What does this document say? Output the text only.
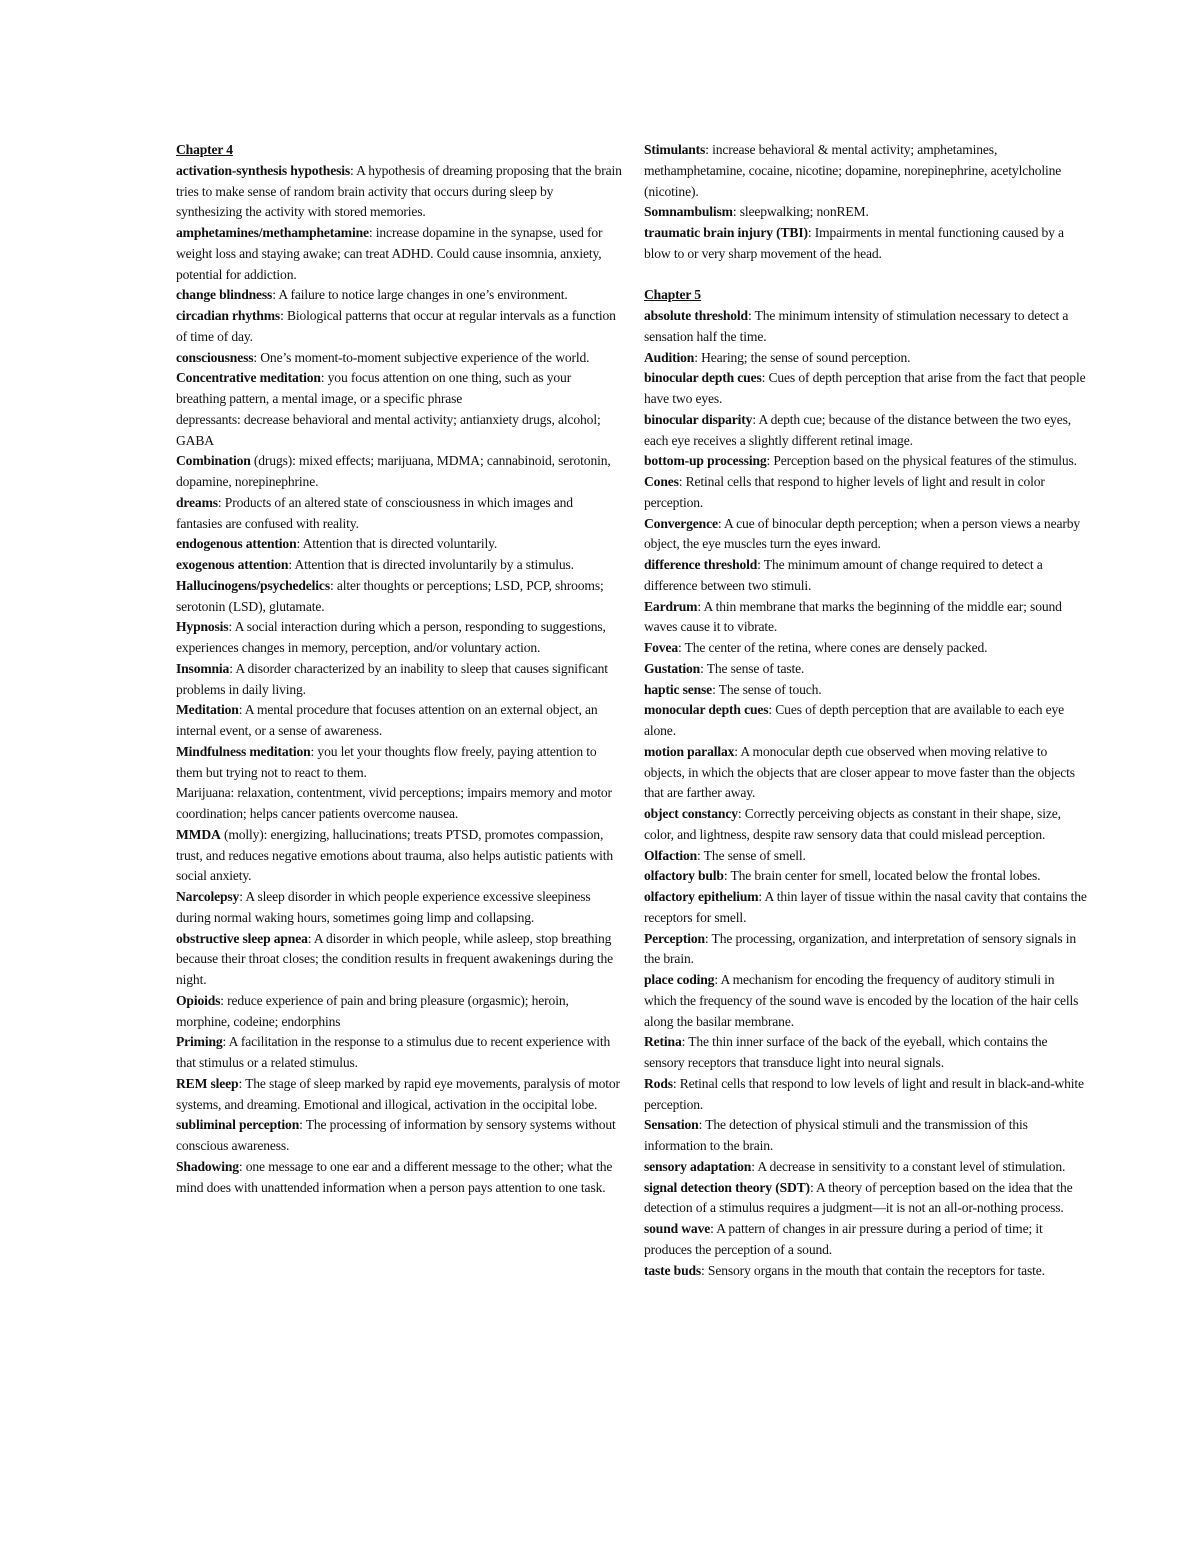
Chapter 4

activation-synthesis hypothesis: A hypothesis of dreaming proposing that the brain tries to make sense of random brain activity that occurs during sleep by synthesizing the activity with stored memories.

amphetamines/methamphetamine: increase dopamine in the synapse, used for weight loss and staying awake; can treat ADHD. Could cause insomnia, anxiety, potential for addiction.

change blindness: A failure to notice large changes in one’s environment.

circadian rhythms: Biological patterns that occur at regular intervals as a function of time of day.

consciousness: One’s moment-to-moment subjective experience of the world.

Concentrative meditation: you focus attention on one thing, such as your breathing pattern, a mental image, or a specific phrase

depressants: decrease behavioral and mental activity; antianxiety drugs, alcohol; GABA

Combination (drugs): mixed effects; marijuana, MDMA; cannabinoid, serotonin, dopamine, norepinephrine.

dreams: Products of an altered state of consciousness in which images and fantasies are confused with reality.

endogenous attention: Attention that is directed voluntarily.

exogenous attention: Attention that is directed involuntarily by a stimulus.

Hallucinogens/psychedelics: alter thoughts or perceptions; LSD, PCP, shrooms; serotonin (LSD), glutamate.

Hypnosis: A social interaction during which a person, responding to suggestions, experiences changes in memory, perception, and/or voluntary action.

Insomnia: A disorder characterized by an inability to sleep that causes significant problems in daily living.

Meditation: A mental procedure that focuses attention on an external object, an internal event, or a sense of awareness.

Mindfulness meditation: you let your thoughts flow freely, paying attention to them but trying not to react to them.

Marijuana: relaxation, contentment, vivid perceptions; impairs memory and motor coordination; helps cancer patients overcome nausea.

MMDA (molly): energizing, hallucinations; treats PTSD, promotes compassion, trust, and reduces negative emotions about trauma, also helps autistic patients with social anxiety.

Narcolepsy: A sleep disorder in which people experience excessive sleepiness during normal waking hours, sometimes going limp and collapsing.

obstructive sleep apnea: A disorder in which people, while asleep, stop breathing because their throat closes; the condition results in frequent awakenings during the night.

Opioids: reduce experience of pain and bring pleasure (orgasmic); heroin, morphine, codeine; endorphins

Priming: A facilitation in the response to a stimulus due to recent experience with that stimulus or a related stimulus.

REM sleep: The stage of sleep marked by rapid eye movements, paralysis of motor systems, and dreaming. Emotional and illogical, activation in the occipital lobe.

subliminal perception: The processing of information by sensory systems without conscious awareness.

Shadowing: one message to one ear and a different message to the other; what the mind does with unattended information when a person pays attention to one task.

Stimulants: increase behavioral & mental activity; amphetamines, methamphetamine, cocaine, nicotine; dopamine, norepinephrine, acetylcholine (nicotine).

Somnambulism: sleepwalking; nonREM.

traumatic brain injury (TBI): Impairments in mental functioning caused by a blow to or very sharp movement of the head.

Chapter 5

absolute threshold: The minimum intensity of stimulation necessary to detect a sensation half the time.

Audition: Hearing; the sense of sound perception.

binocular depth cues: Cues of depth perception that arise from the fact that people have two eyes.

binocular disparity: A depth cue; because of the distance between the two eyes, each eye receives a slightly different retinal image.

bottom-up processing: Perception based on the physical features of the stimulus.

Cones: Retinal cells that respond to higher levels of light and result in color perception.

Convergence: A cue of binocular depth perception; when a person views a nearby object, the eye muscles turn the eyes inward.

difference threshold: The minimum amount of change required to detect a difference between two stimuli.

Eardrum: A thin membrane that marks the beginning of the middle ear; sound waves cause it to vibrate.

Fovea: The center of the retina, where cones are densely packed.

Gustation: The sense of taste.

haptic sense: The sense of touch.

monocular depth cues: Cues of depth perception that are available to each eye alone.

motion parallax: A monocular depth cue observed when moving relative to objects, in which the objects that are closer appear to move faster than the objects that are farther away.

object constancy: Correctly perceiving objects as constant in their shape, size, color, and lightness, despite raw sensory data that could mislead perception.

Olfaction: The sense of smell.

olfactory bulb: The brain center for smell, located below the frontal lobes.

olfactory epithelium: A thin layer of tissue within the nasal cavity that contains the receptors for smell.

Perception: The processing, organization, and interpretation of sensory signals in the brain.

place coding: A mechanism for encoding the frequency of auditory stimuli in which the frequency of the sound wave is encoded by the location of the hair cells along the basilar membrane.

Retina: The thin inner surface of the back of the eyeball, which contains the sensory receptors that transduce light into neural signals.

Rods: Retinal cells that respond to low levels of light and result in black-and-white perception.

Sensation: The detection of physical stimuli and the transmission of this information to the brain.

sensory adaptation: A decrease in sensitivity to a constant level of stimulation.

signal detection theory (SDT): A theory of perception based on the idea that the detection of a stimulus requires a judgment—it is not an all-or-nothing process.

sound wave: A pattern of changes in air pressure during a period of time; it produces the perception of a sound.

taste buds: Sensory organs in the mouth that contain the receptors for taste.
